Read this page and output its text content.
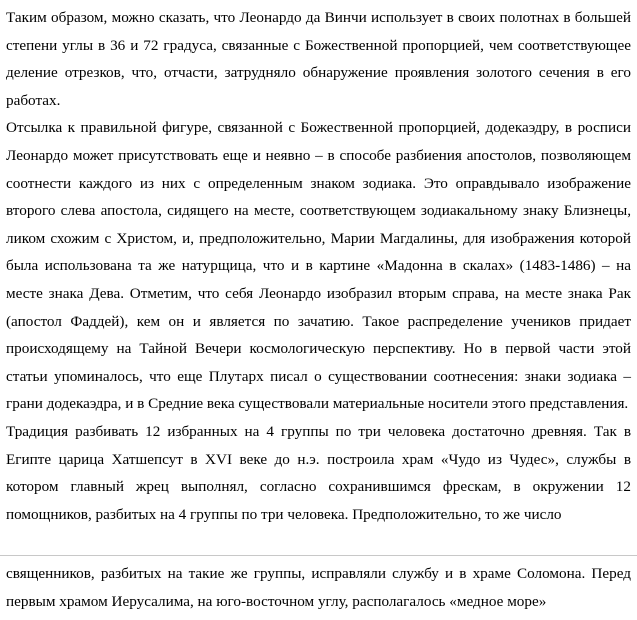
Таким образом, можно сказать, что Леонардо да Винчи использует в своих полотнах в большей степени углы в 36 и 72 градуса, связанные с Божественной пропорцией, чем соответствующее деление отрезков, что, отчасти, затрудняло обнаружение проявления золотого сечения в его работах.

Отсылка к правильной фигуре, связанной с Божественной пропорцией, додекаэдру, в росписи Леонардо может присутствовать еще и неявно – в способе разбиения апостолов, позволяющем соотнести каждого из них с определенным знаком зодиака. Это оправдывало изображение второго слева апостола, сидящего на месте, соответствующем зодиакальному знаку Близнецы, ликом схожим с Христом, и, предположительно, Марии Магдалины, для изображения которой была использована та же натурщица, что и в картине «Мадонна в скалах» (1483-1486) – на месте знака Дева. Отметим, что себя Леонардо изобразил вторым справа, на месте знака Рак (апостол Фаддей), кем он и является по зачатию. Такое распределение учеников придает происходящему на Тайной Вечери космологическую перспективу. Но в первой части этой статьи упоминалось, что еще Плутарх писал о существовании соотнесения: знаки зодиака – грани додекаэдра, и в Средние века существовали материальные носители этого представления.

Традиция разбивать 12 избранных на 4 группы по три человека достаточно древняя. Так в Египте царица Хатшепсут в XVI веке до н.э. построила храм «Чудо из Чудес», службы в котором главный жрец выполнял, согласно сохранившимся фрескам, в окружении 12 помощников, разбитых на 4 группы по три человека. Предположительно, то же число

священников, разбитых на такие же группы, исправляли службу и в храме Соломона. Перед первым храмом Иерусалима, на юго-восточном углу, располагалось «медное море»
